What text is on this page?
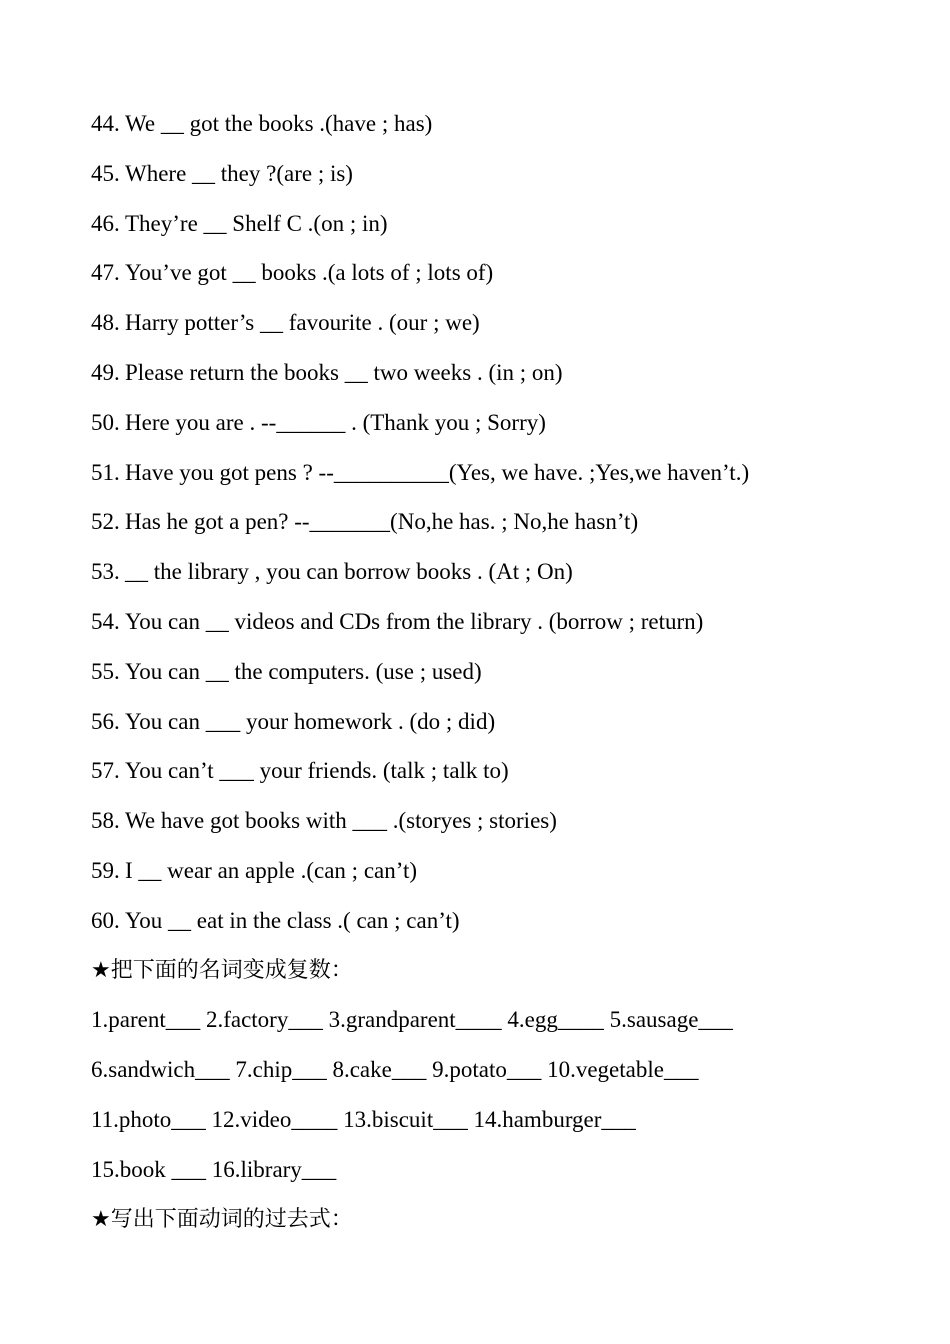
44. We __ got the books .(have ; has)
45. Where __ they ?(are ; is)
46. They’re __ Shelf C .(on ; in)
47. You’ve got __ books .(a lots of ; lots of)
48. Harry potter’s __ favourite . (our ; we)
49. Please return the books __ two weeks . (in ; on)
50. Here you are . --______ . (Thank you ; Sorry)
51. Have you got pens ? --__________(Yes, we have. ;Yes,we haven’t.)
52. Has he got a pen? --_______(No,he has. ; No,he hasn’t)
53. __ the library , you can borrow books . (At ; On)
54. You can __ videos and CDs from the library . (borrow ; return)
55. You can __ the computers. (use ; used)
56. You can ___ your homework . (do ; did)
57. You can’t ___ your friends. (talk ; talk to)
58. We have got books with ___ .(storyes ; stories)
59. I __ wear an apple .(can ; can’t)
60. You __ eat in the class .( can ; can’t)
★把下面的名词变成复数：
1.parent___ 2.factory___ 3.grandparent____ 4.egg____ 5.sausage___
6.sandwich___ 7.chip___ 8.cake___ 9.potato___ 10.vegetable___
11.photo___ 12.video____ 13.biscuit___ 14.hamburger___
15.book ___ 16.library___
★写出下面动词的过去式：
